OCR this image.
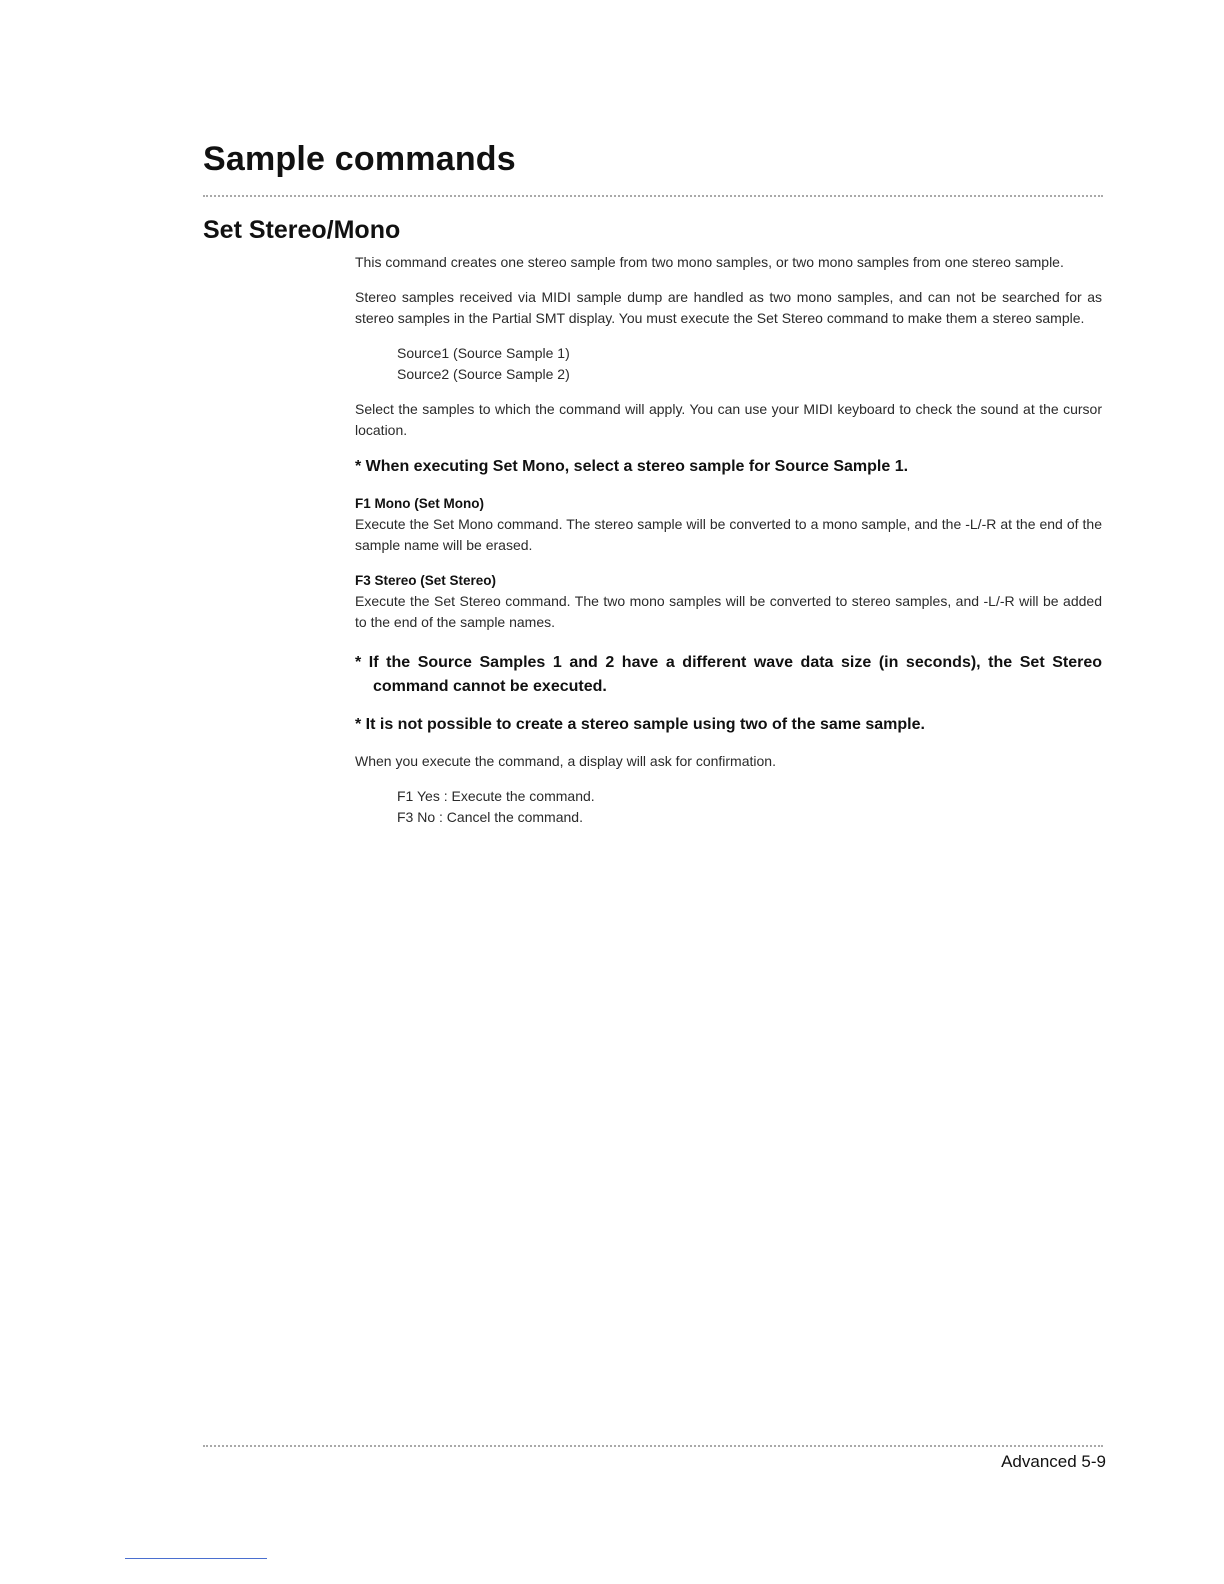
Sample commands
Set Stereo/Mono

This command creates one stereo sample from two mono samples, or two mono samples from one stereo sample.

Stereo samples received via MIDI sample dump are handled as two mono samples, and can not be searched for as stereo samples in the Partial SMT display. You must execute the Set Stereo command to make them a stereo sample.

Source1 (Source Sample 1)

Source2 (Source Sample 2)

Select the samples to which the command will apply. You can use your MIDI keyboard to check the sound at the cursor location.

* When executing Set Mono, select a stereo sample for Source Sample 1.

F1 Mono (Set Mono)

Execute the Set Mono command. The stereo sample will be converted to a mono sample, and the -L/-R at the end of the sample name will be erased.

F3 Stereo (Set Stereo)

Execute the Set Stereo command. The two mono samples will be converted to stereo samples, and -L/-R will be added to the end of the sample names.

* If the Source Samples 1 and 2 have a different wave data size (in seconds), the Set Stereo command cannot be executed.

* It is not possible to create a stereo sample using two of the same sample.

When you execute the command, a display will ask for confirmation.

F1 Yes : Execute the command.

F3 No : Cancel the command.

Advanced 5-9
